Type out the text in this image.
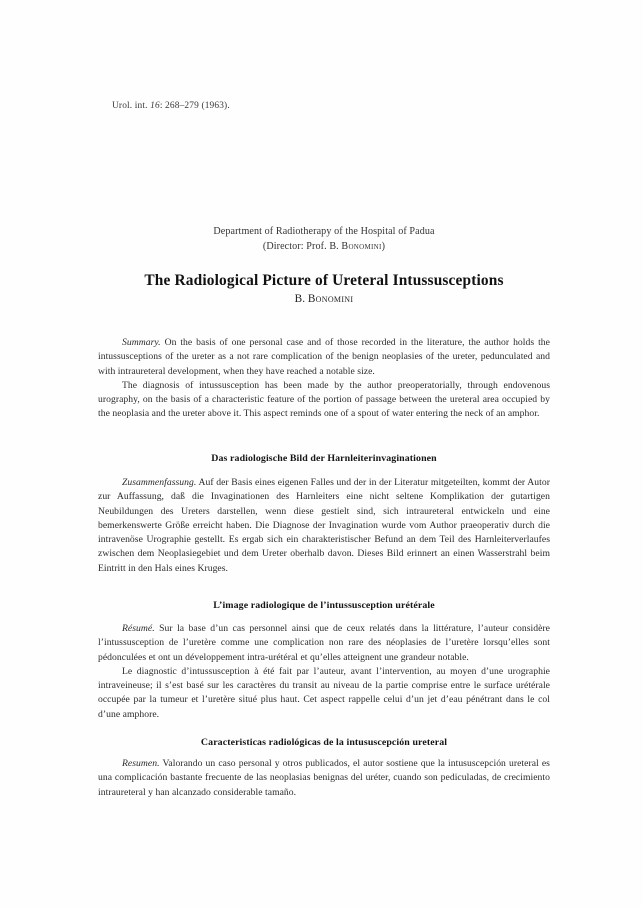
Urol. int. 16: 268–279 (1963).
Department of Radiotherapy of the Hospital of Padua
(Director: Prof. B. Bonomini)
The Radiological Picture of Ureteral Intussusceptions
B. Bonomini

Summary. On the basis of one personal case and of those recorded in the literature, the author holds the intussusceptions of the ureter as a not rare complication of the benign neoplasies of the ureter, pedunculated and with intraureteral development, when they have reached a notable size.

The diagnosis of intussusception has been made by the author preoperatorially, through endovenous urography, on the basis of a characteristic feature of the portion of passage between the ureteral area occupied by the neoplasia and the ureter above it. This aspect reminds one of a spout of water entering the neck of an amphor.

Das radiologische Bild der Harnleiterinvaginationen

Zusammenfassung. Auf der Basis eines eigenen Falles und der in der Literatur mitgeteilten, kommt der Autor zur Auffassung, daß die Invaginationen des Harnleiters eine nicht seltene Komplikation der gutartigen Neubildungen des Ureters darstellen, wenn diese gestielt sind, sich intraureteral entwickeln und eine bemerkenswerte Größe erreicht haben. Die Diagnose der Invagination wurde vom Author praeoperativ durch die intravenöse Urographie gestellt. Es ergab sich ein charakteristischer Befund an dem Teil des Harnleiterverlaufes zwischen dem Neoplasiegebiet und dem Ureter oberhalb davon. Dieses Bild erinnert an einen Wasserstrahl beim Eintritt in den Hals eines Kruges.

L’image radiologique de l’intussusception urétérale

Résumé. Sur la base d’un cas personnel ainsi que de ceux relatés dans la littérature, l’auteur considère l’intussusception de l’uretère comme une complication non rare des néoplasies de l’uretère lorsqu’elles sont pédonculées et ont un développement intra-urétéral et qu’elles atteignent une grandeur notable.

Le diagnostic d’intussusception à été fait par l’auteur, avant l’intervention, au moyen d’une urographie intraveineuse; il s’est basé sur les caractères du transit au niveau de la partie comprise entre le surface urétérale occupée par la tumeur et l’uretère situé plus haut. Cet aspect rappelle celui d’un jet d’eau pénétrant dans le col d’une amphore.

Caracteristicas radiológicas de la intususcepción ureteral

Resumen. Valorando un caso personal y otros publicados, el autor sostiene que la intususcepción ureteral es una complicación bastante frecuente de las neoplasias benignas del uréter, cuando son pediculadas, de crecimiento intraureteral y han alcanzado considerable tamaño.
